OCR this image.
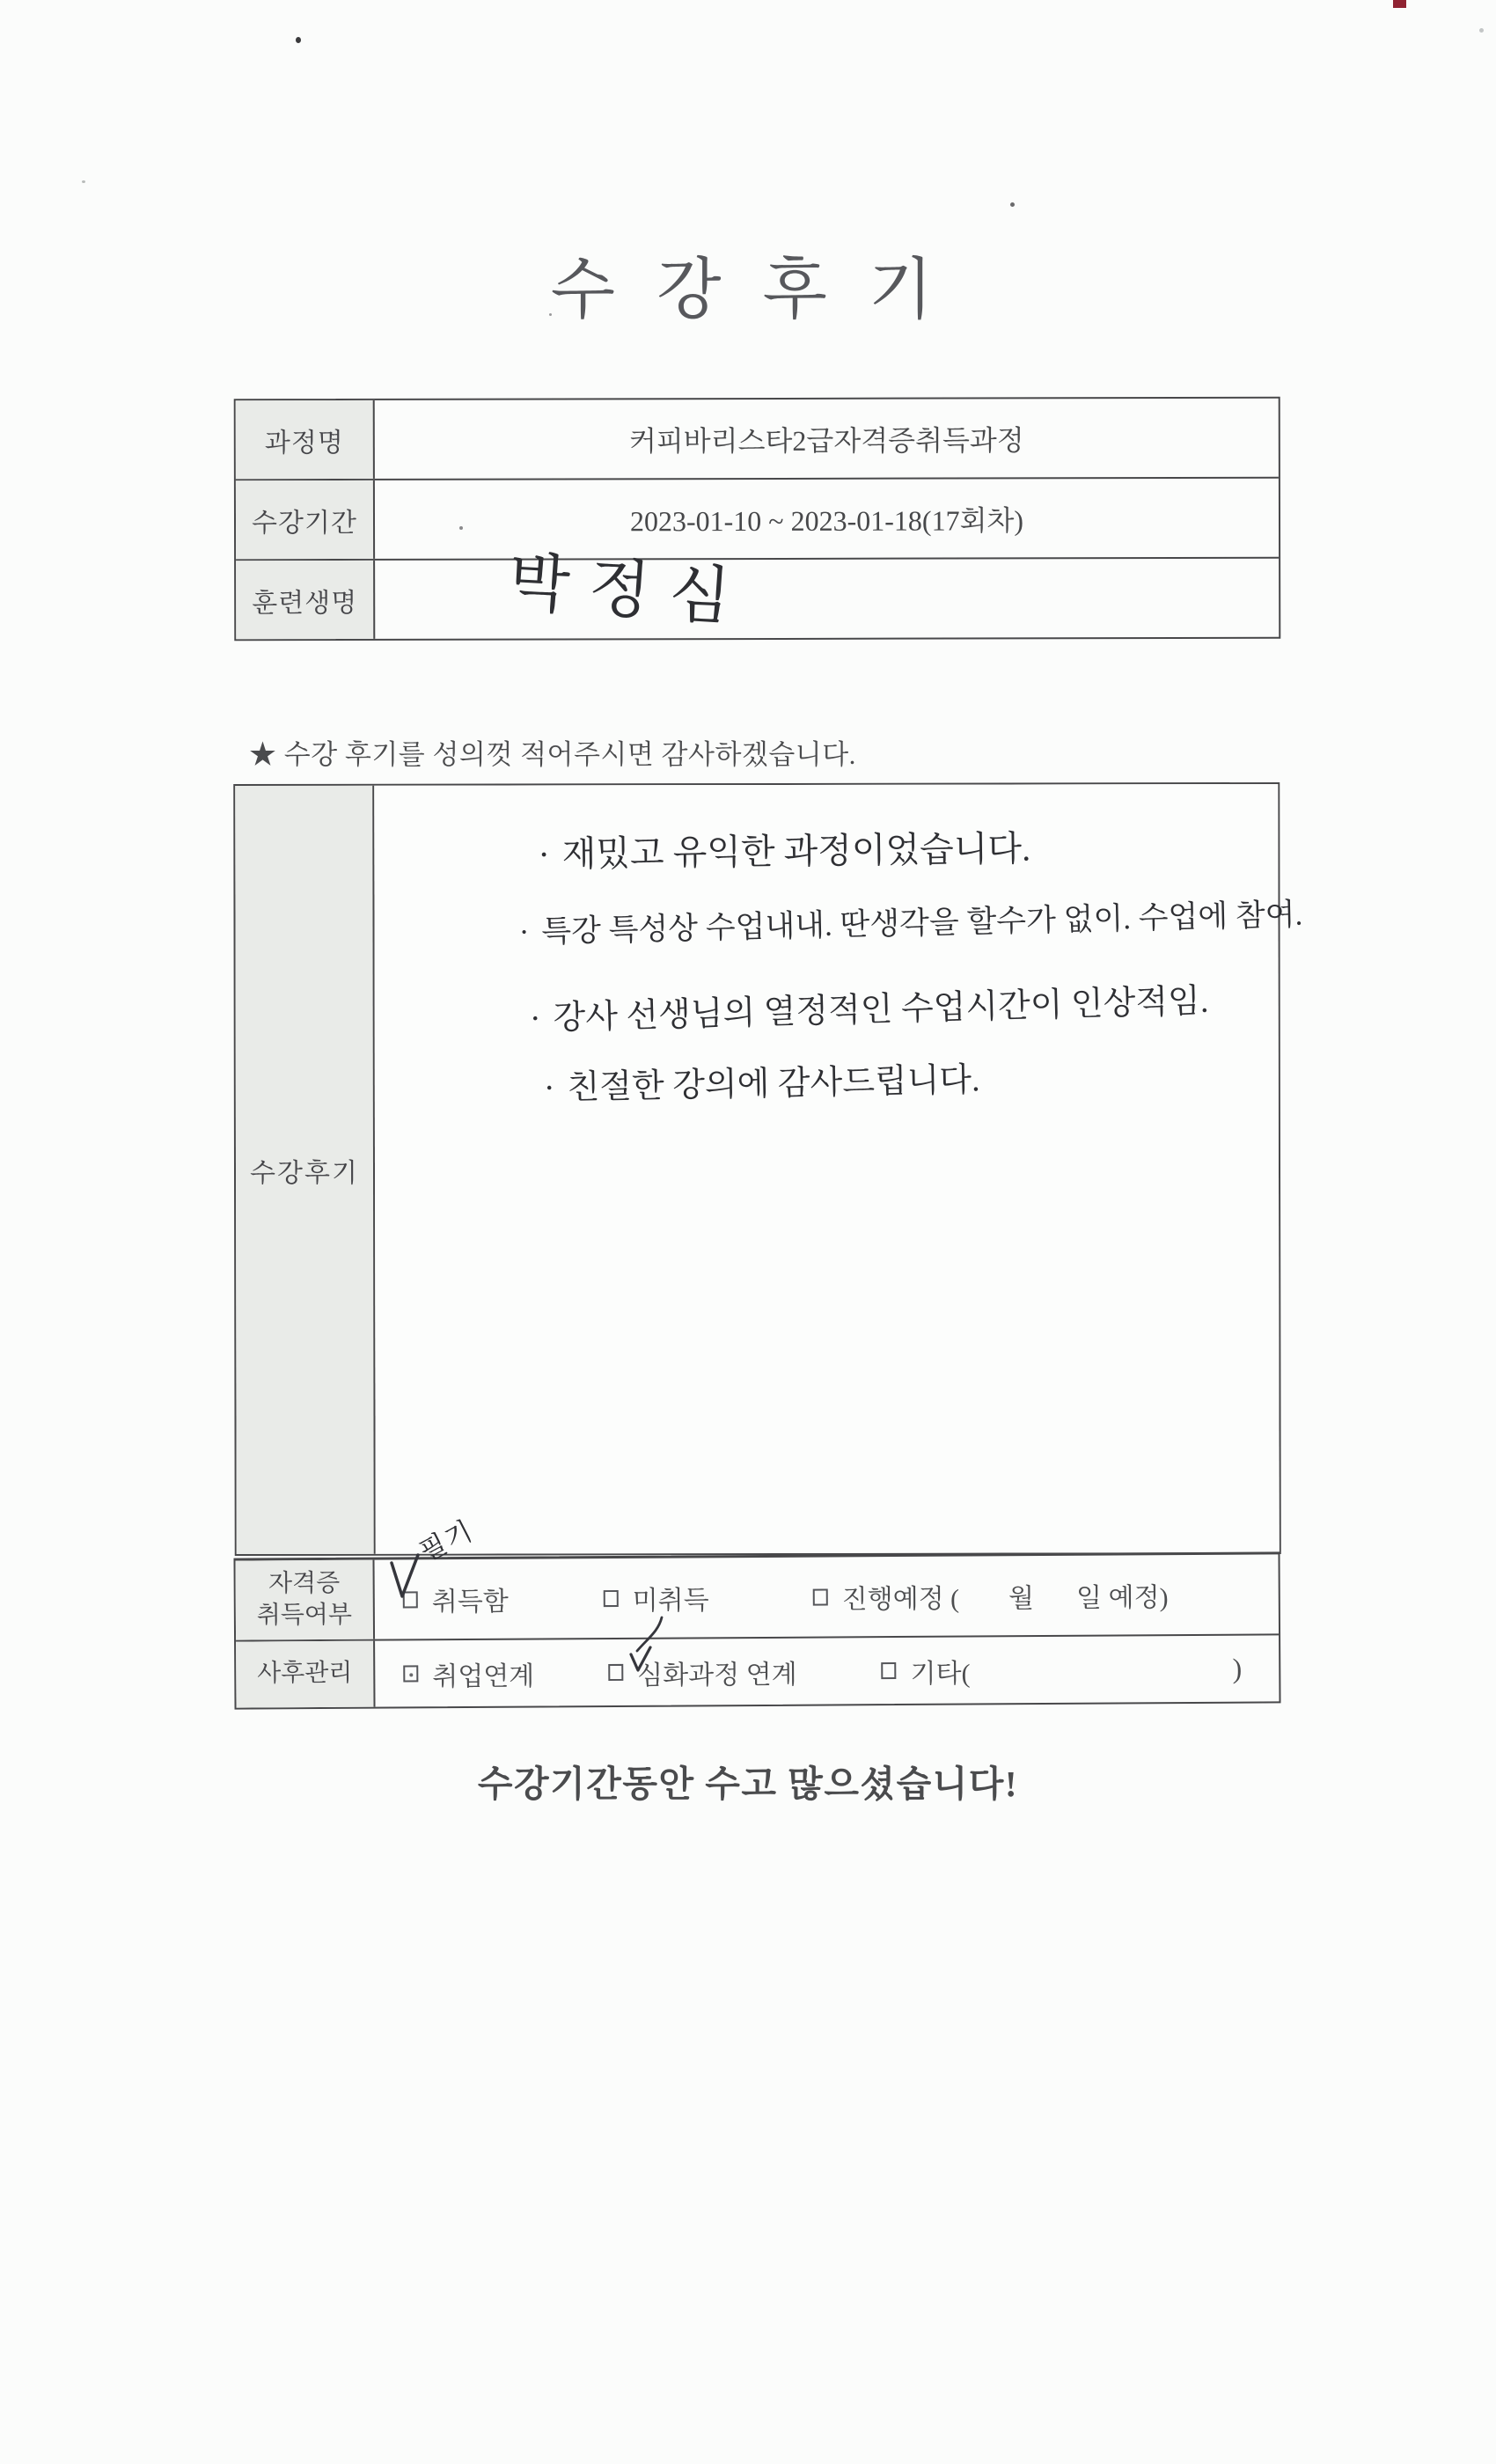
수 강 후 기
과정명	커피바리스타2급자격증취득과정
수강기간	2023-01-10 ~ 2023-01-18(17회차)
훈련생명 박정심
★ 수강 후기를 성의껏 적어주시면 감사하겠습니다.
수강후기
· 재밌고 유익한 과정이었습니다.
· 특강 특성상 수업내내. 딴생각을 할수가 없이. 수업에 참여.
· 강사 선생님의 열정적인 수업시간이 인상적임.
· 친절한 강의에 감사드립니다.
자격증
취득여부	취득함	미취득	진행예정 ( 월 일 예정)
사후관리	취업연계	심화과정 연계	기타(	)
필기
수강기간동안 수고 많으셨습니다!
